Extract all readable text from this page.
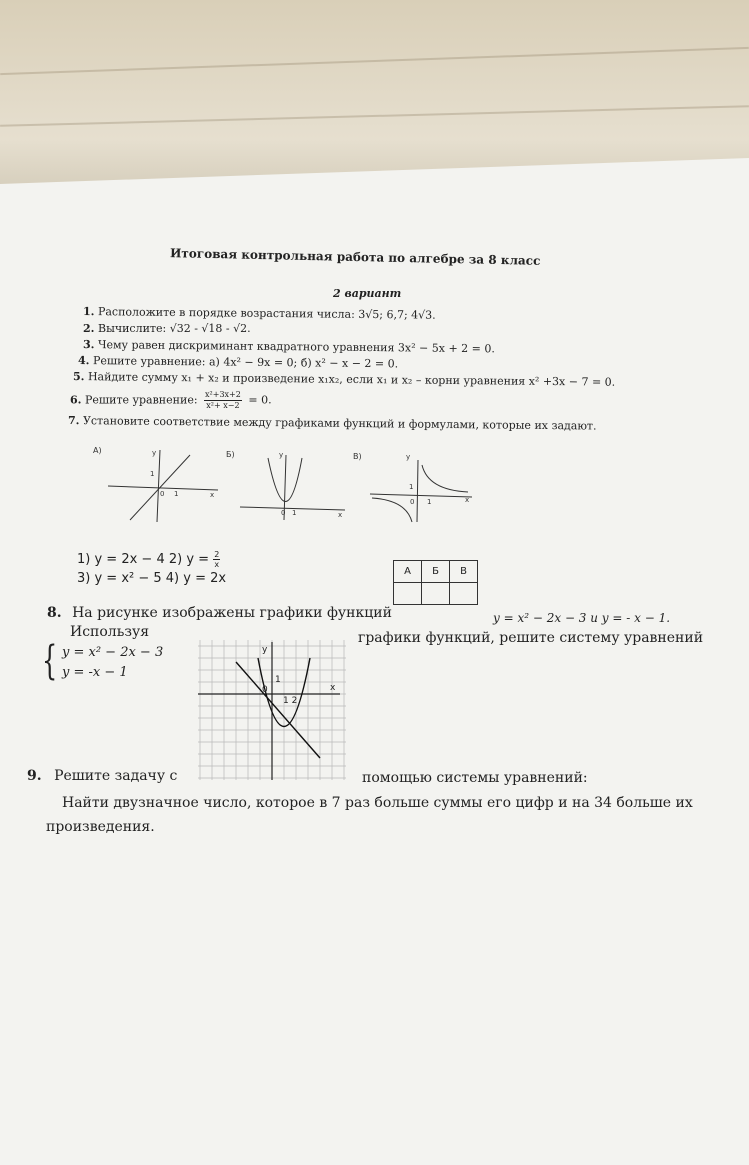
Итоговая контрольная работа по алгебре за 8 класс
2 вариант
1. Расположите в порядке возрастания числа: 3√5; 6,7; 4√3.
2. Вычислите: √32 - √18 - √2.
3. Чему равен дискриминант квадратного уравнения 3x² − 5x + 2 = 0.
4. Решите уравнение: а) 4x² − 9x = 0; б) x² − x − 2 = 0.
5. Найдите сумму x₁ + x₂ и произведение x₁x₂, если x₁ и x₂ – корни уравнения x² +3x − 7 = 0.
6. Решите уравнение: $\frac{\text{x²+3x+2}}{\text{x²+ x−2}} = 0$.
7. Установите соответствие между графиками функций и формулами, которые их задают.
А)	y
1
0 1	x
Б)	y
0 1	x
В)	y
1
0 1	x
1) y = 2x − 4 2) $y = \frac{2}{x}$
3) y = x² − 5 4) y = 2x	А	Б	В

8. На рисунке изображены графики функций	y = x² − 2x − 3 и y = - x − 1.
Используя	графики функций, решите систему уравнений
{ y = x² − 2x − 3
y = -x − 1
y
x
0
1
1 2
9. Решите задачу с	помощью системы уравнений:
Найти двузначное число, которое в 7 раз больше суммы его цифр и на 34 больше их
произведения.
